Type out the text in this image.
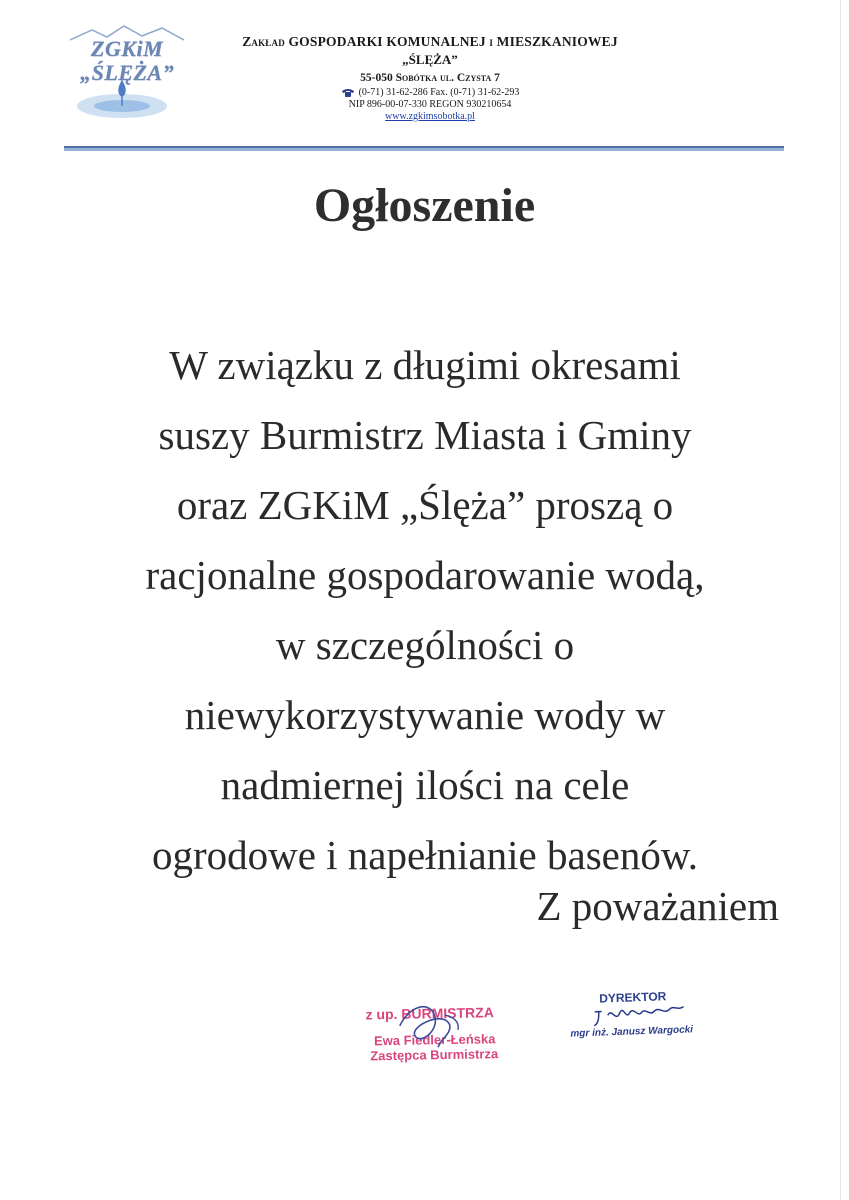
ZGKiM
„ŚLĘŻA”
Zakład GOSPODARKI KOMUNALNEJ i MIESZKANIOWEJ
„ŚLĘŻA”
55-050 Sobótka ul. Czysta 7
(0-71) 31-62-286 Fax. (0-71) 31-62-293
NIP 896-00-07-330 REGON 930210654
www.zgkimsobotka.pl
Ogłoszenie
W związku z długimi okresami
suszy Burmistrz Miasta i Gminy
oraz ZGKiM „Ślęża” proszą o
racjonalne gospodarowanie wodą,
w szczególności o
niewykorzystywanie wody w
nadmiernej ilości na cele
ogrodowe i napełnianie basenów.
Z poważaniem
z up. BURMISTRZA
Ewa Fiedler-Łeńska
Zastępca Burmistrza
DYREKTOR
mgr inż. Janusz Wargocki
